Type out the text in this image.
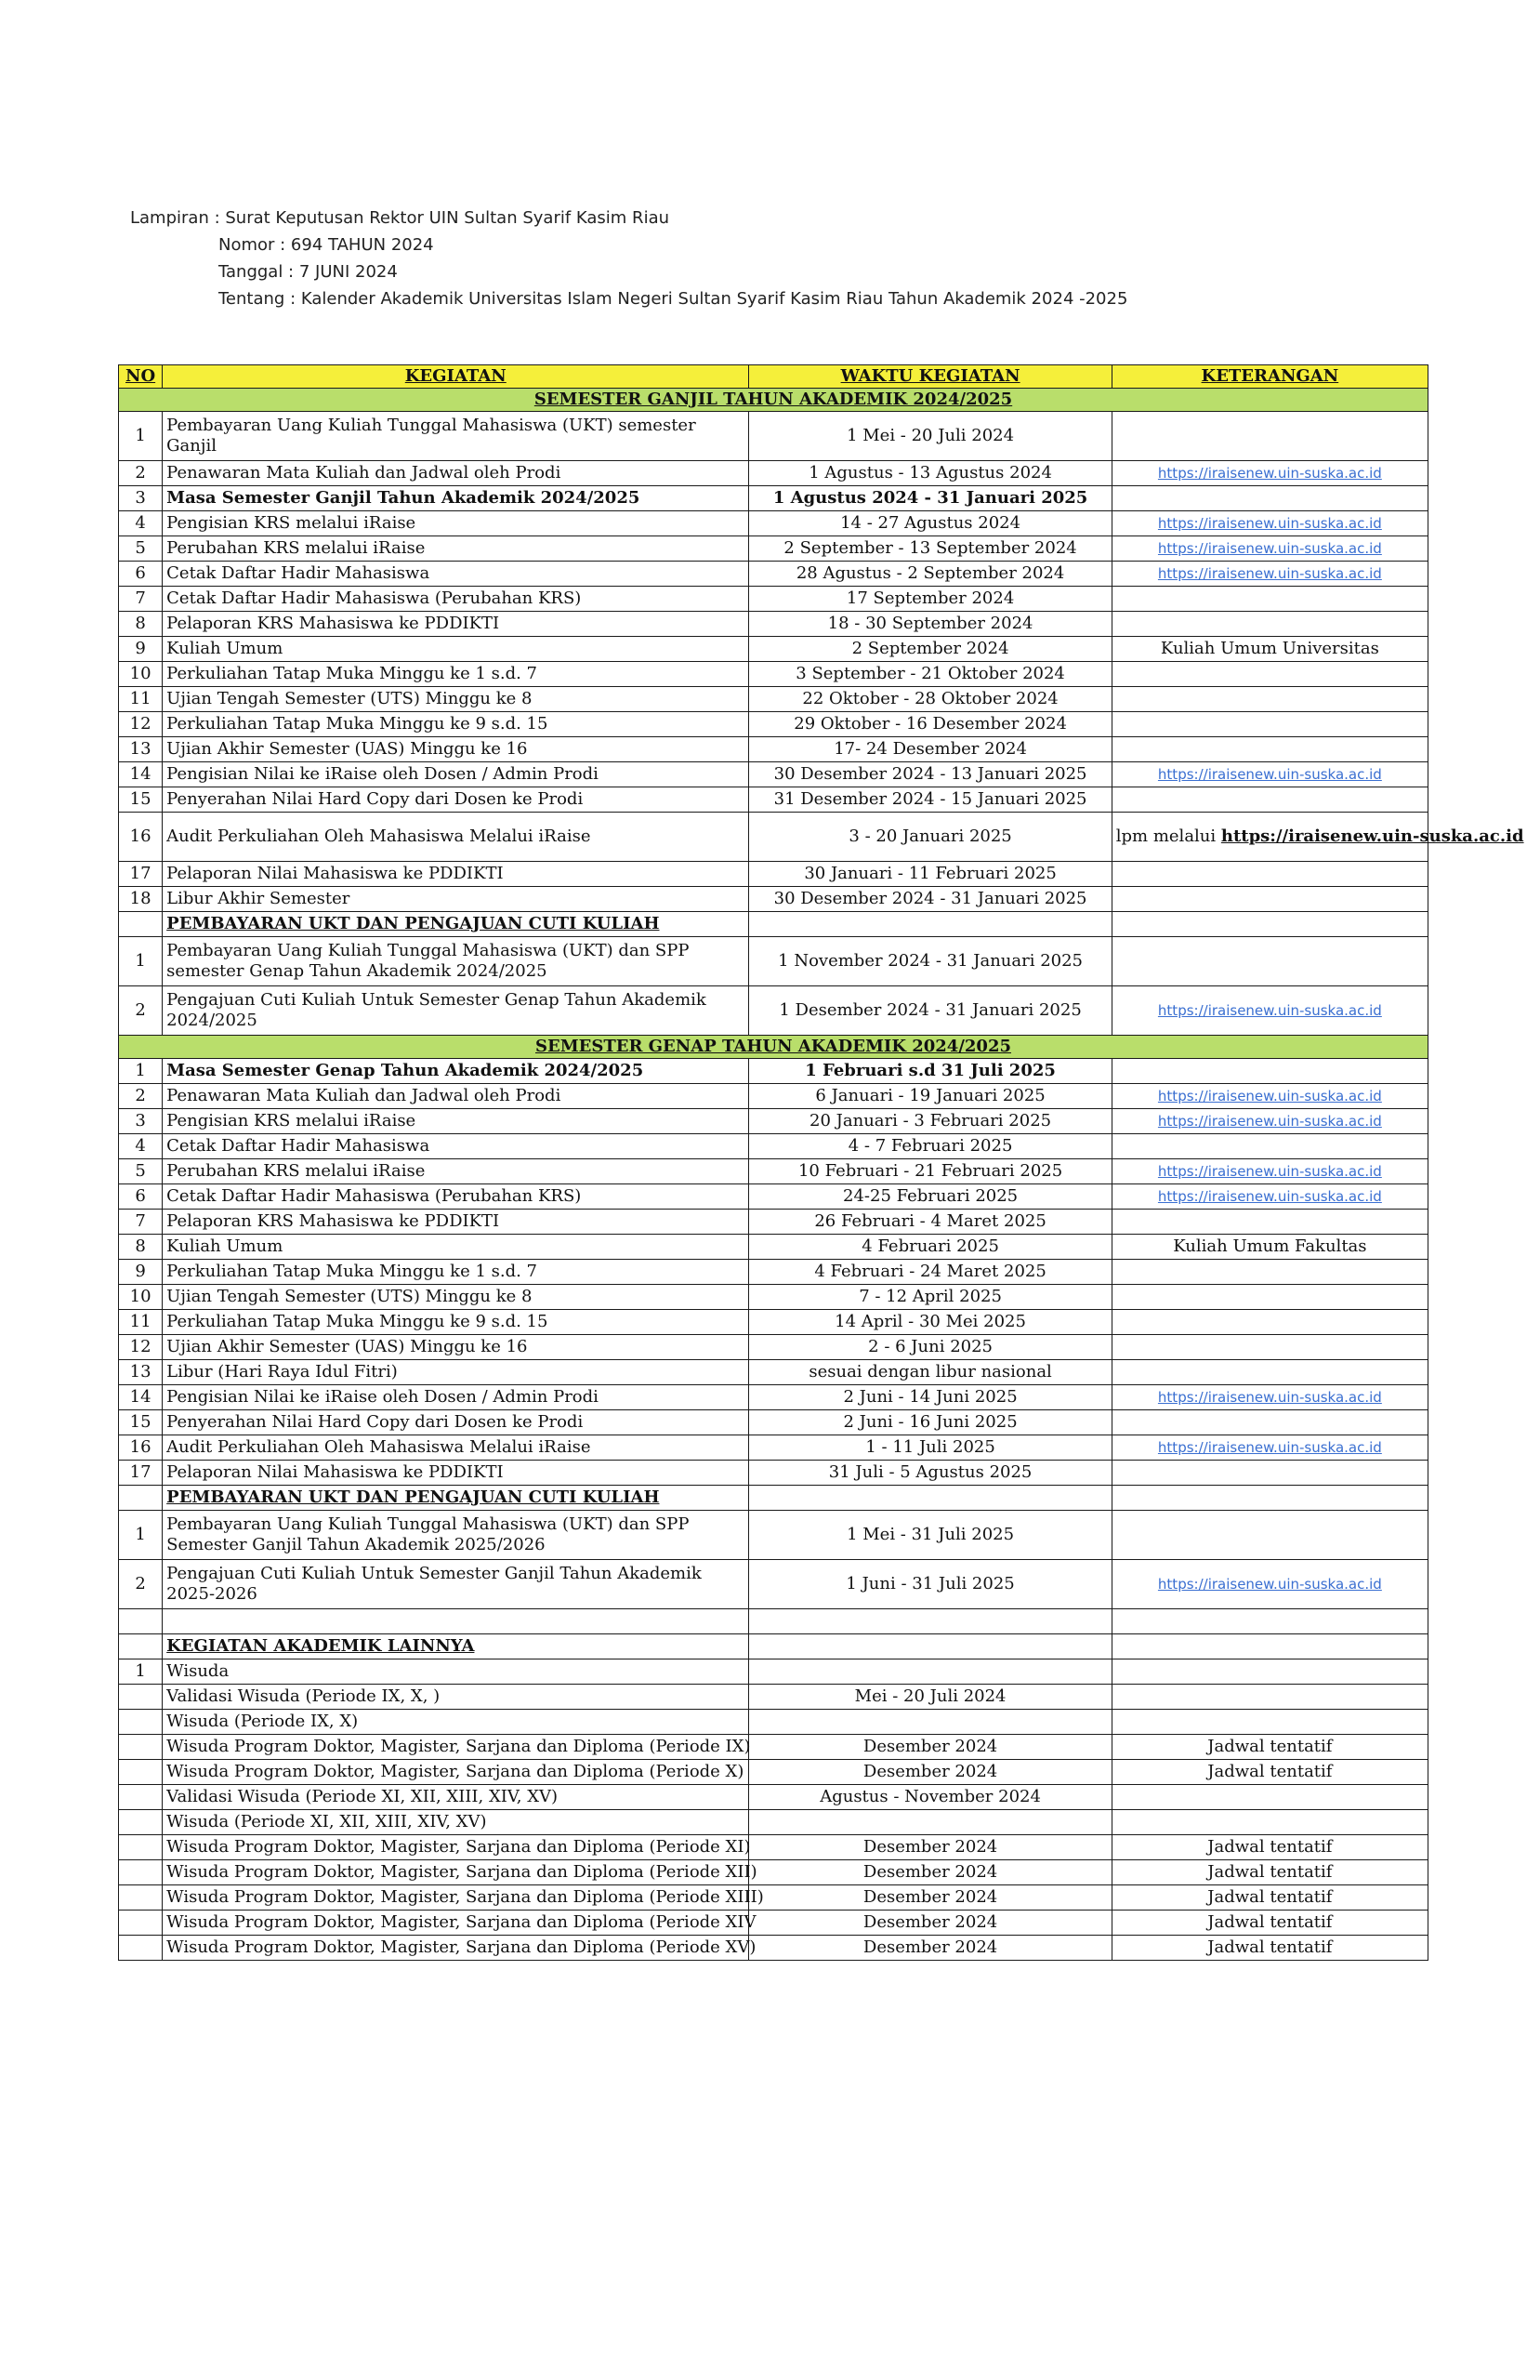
Lampiran : Surat Keputusan Rektor UIN Sultan Syarif Kasim Riau
Nomor : 694 TAHUN 2024
Tanggal : 7 JUNI 2024
Tentang : Kalender Akademik Universitas Islam Negeri Sultan Syarif Kasim Riau Tahun Akademik 2024 -2025
NO	KEGIATAN	WAKTU KEGIATAN	KETERANGAN
SEMESTER GANJIL TAHUN AKADEMIK 2024/2025			
1	Pembayaran Uang Kuliah Tunggal Mahasiswa (UKT) semester Ganjil	1 Mei - 20 Juli 2024	
2	Penawaran Mata Kuliah dan Jadwal oleh Prodi	1 Agustus - 13 Agustus 2024	https://iraisenew.uin-suska.ac.id
3	Masa Semester Ganjil Tahun Akademik 2024/2025	1 Agustus 2024 - 31 Januari 2025	
4	Pengisian KRS melalui iRaise	14 - 27 Agustus 2024	https://iraisenew.uin-suska.ac.id
5	Perubahan KRS melalui iRaise	2 September - 13 September 2024	https://iraisenew.uin-suska.ac.id
6	Cetak Daftar Hadir Mahasiswa	28 Agustus - 2 September 2024	https://iraisenew.uin-suska.ac.id
7	Cetak Daftar Hadir Mahasiswa (Perubahan KRS)	17 September 2024	
8	Pelaporan KRS Mahasiswa ke PDDIKTI	18 - 30 September 2024	
9	Kuliah Umum	2 September 2024	Kuliah Umum Universitas
10	Perkuliahan Tatap Muka Minggu ke 1 s.d. 7	3 September - 21 Oktober 2024	
11	Ujian Tengah Semester (UTS) Minggu ke 8	22 Oktober - 28 Oktober 2024	
12	Perkuliahan Tatap Muka Minggu ke 9 s.d. 15	29 Oktober - 16 Desember 2024	
13	Ujian Akhir Semester (UAS) Minggu ke 16	17- 24 Desember 2024	
14	Pengisian Nilai ke iRaise oleh Dosen / Admin Prodi	30 Desember 2024 - 13 Januari 2025	https://iraisenew.uin-suska.ac.id
15	Penyerahan Nilai Hard Copy dari Dosen ke Prodi	31 Desember 2024 - 15 Januari 2025	
16	Audit Perkuliahan Oleh Mahasiswa Melalui iRaise	3 - 20 Januari 2025	lpm melalui https://iraisenew.uin-suska.ac.id
17	Pelaporan Nilai Mahasiswa ke PDDIKTI	30 Januari - 11 Februari 2025	
18	Libur Akhir Semester	30 Desember 2024 - 31 Januari 2025	
	PEMBAYARAN UKT DAN PENGAJUAN CUTI KULIAH		
1	Pembayaran Uang Kuliah Tunggal Mahasiswa (UKT) dan SPP semester Genap Tahun Akademik 2024/2025	1 November 2024 - 31 Januari 2025	
2	Pengajuan Cuti Kuliah Untuk Semester Genap Tahun Akademik 2024/2025	1 Desember 2024 - 31 Januari 2025	https://iraisenew.uin-suska.ac.id
SEMESTER GENAP TAHUN AKADEMIK 2024/2025			
1	Masa Semester Genap Tahun Akademik 2024/2025	1 Februari s.d 31 Juli 2025	
2	Penawaran Mata Kuliah dan Jadwal oleh Prodi	6 Januari - 19 Januari 2025	https://iraisenew.uin-suska.ac.id
3	Pengisian KRS melalui iRaise	20 Januari - 3 Februari 2025	https://iraisenew.uin-suska.ac.id
4	Cetak Daftar Hadir Mahasiswa	4 - 7 Februari 2025	
5	Perubahan KRS melalui iRaise	10 Februari - 21 Februari 2025	https://iraisenew.uin-suska.ac.id
6	Cetak Daftar Hadir Mahasiswa (Perubahan KRS)	24-25 Februari 2025	https://iraisenew.uin-suska.ac.id
7	Pelaporan KRS Mahasiswa ke PDDIKTI	26 Februari - 4 Maret 2025	
8	Kuliah Umum	4 Februari 2025	Kuliah Umum Fakultas
9	Perkuliahan Tatap Muka Minggu ke 1 s.d. 7	4 Februari - 24 Maret 2025	
10	Ujian Tengah Semester (UTS) Minggu ke 8	7 - 12 April 2025	
11	Perkuliahan Tatap Muka Minggu ke 9 s.d. 15	14 April - 30 Mei 2025	
12	Ujian Akhir Semester (UAS) Minggu ke 16	2 - 6 Juni 2025	
13	Libur (Hari Raya Idul Fitri)	sesuai dengan libur nasional	
14	Pengisian Nilai ke iRaise oleh Dosen / Admin Prodi	2 Juni - 14 Juni 2025	https://iraisenew.uin-suska.ac.id
15	Penyerahan Nilai Hard Copy dari Dosen ke Prodi	2 Juni - 16 Juni 2025	
16	Audit Perkuliahan Oleh Mahasiswa Melalui iRaise	1 - 11 Juli 2025	https://iraisenew.uin-suska.ac.id
17	Pelaporan Nilai Mahasiswa ke PDDIKTI	31 Juli - 5 Agustus 2025	
	PEMBAYARAN UKT DAN PENGAJUAN CUTI KULIAH		
1	Pembayaran Uang Kuliah Tunggal Mahasiswa (UKT) dan SPP Semester Ganjil Tahun Akademik 2025/2026	1 Mei - 31 Juli 2025	
2	Pengajuan Cuti Kuliah Untuk Semester Ganjil Tahun Akademik 2025-2026	1 Juni - 31 Juli 2025	https://iraisenew.uin-suska.ac.id

	KEGIATAN AKADEMIK LAINNYA		
1	Wisuda		
	Validasi Wisuda (Periode IX, X, )	Mei - 20 Juli 2024	
	Wisuda (Periode IX, X)		
	Wisuda Program Doktor, Magister, Sarjana dan Diploma (Periode IX)	Desember 2024	Jadwal tentatif
	Wisuda Program Doktor, Magister, Sarjana dan Diploma (Periode X)	Desember 2024	Jadwal tentatif
	Validasi Wisuda (Periode XI, XII, XIII, XIV, XV)	Agustus - November 2024	
	Wisuda (Periode XI, XII, XIII, XIV, XV)		
	Wisuda Program Doktor, Magister, Sarjana dan Diploma (Periode XI)	Desember 2024	Jadwal tentatif
	Wisuda Program Doktor, Magister, Sarjana dan Diploma (Periode XII)	Desember 2024	Jadwal tentatif
	Wisuda Program Doktor, Magister, Sarjana dan Diploma (Periode XIII)	Desember 2024	Jadwal tentatif
	Wisuda Program Doktor, Magister, Sarjana dan Diploma (Periode XIV	Desember 2024	Jadwal tentatif
	Wisuda Program Doktor, Magister, Sarjana dan Diploma (Periode XV)	Desember 2024	Jadwal tentatif
